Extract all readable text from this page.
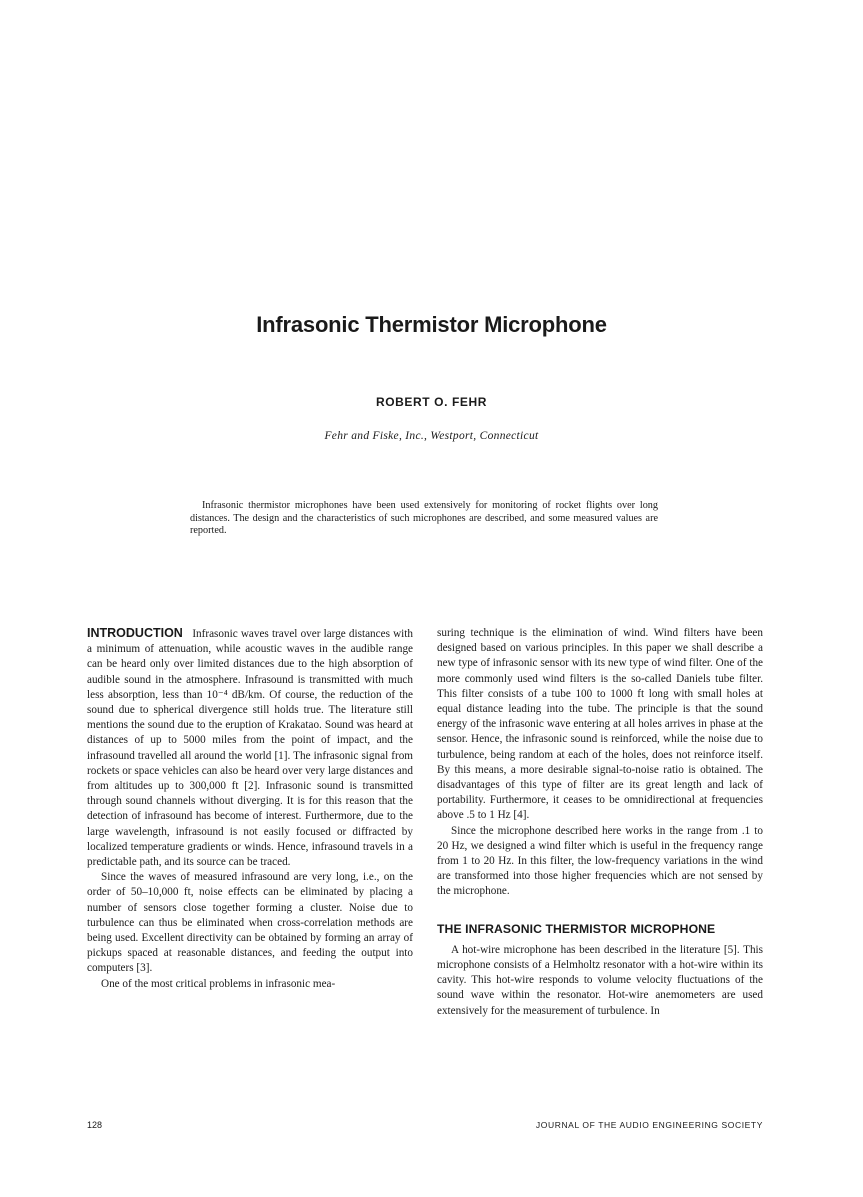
Infrasonic Thermistor Microphone
ROBERT O. FEHR
Fehr and Fiske, Inc., Westport, Connecticut
Infrasonic thermistor microphones have been used extensively for monitoring of rocket flights over long distances. The design and the characteristics of such microphones are described, and some measured values are reported.

INTRODUCTION Infrasonic waves travel over large distances with a minimum of attenuation, while acoustic waves in the audible range can be heard only over limited distances due to the high absorption of audible sound in the atmosphere. Infrasound is transmitted with much less absorption, less than 10⁻⁴ dB/km. Of course, the reduction of the sound due to spherical divergence still holds true. The literature still mentions the sound due to the eruption of Krakatao. Sound was heard at distances of up to 5000 miles from the point of impact, and the infrasound travelled all around the world [1]. The infrasonic signal from rockets or space vehicles can also be heard over very large distances and from altitudes up to 300,000 ft [2]. Infrasonic sound is transmitted through sound channels without diverging. It is for this reason that the detection of infrasound has become of interest. Furthermore, due to the large wavelength, infrasound is not easily focused or diffracted by localized temperature gradients or winds. Hence, infrasound travels in a predictable path, and its source can be traced.

Since the waves of measured infrasound are very long, i.e., on the order of 50–10,000 ft, noise effects can be eliminated by placing a number of sensors close together forming a cluster. Noise due to turbulence can thus be eliminated when cross-correlation methods are being used. Excellent directivity can be obtained by forming an array of pickups spaced at reasonable distances, and feeding the output into computers [3].

One of the most critical problems in infrasonic mea-

suring technique is the elimination of wind. Wind filters have been designed based on various principles. In this paper we shall describe a new type of infrasonic sensor with its new type of wind filter. One of the more commonly used wind filters is the so-called Daniels tube filter. This filter consists of a tube 100 to 1000 ft long with small holes at equal distance leading into the tube. The principle is that the sound energy of the infrasonic wave entering at all holes arrives in phase at the sensor. Hence, the infrasonic sound is reinforced, while the noise due to turbulence, being random at each of the holes, does not reinforce itself. By this means, a more desirable signal-to-noise ratio is obtained. The disadvantages of this type of filter are its great length and lack of portability. Furthermore, it ceases to be omnidirectional at frequencies above .5 to 1 Hz [4].

Since the microphone described here works in the range from .1 to 20 Hz, we designed a wind filter which is useful in the frequency range from 1 to 20 Hz. In this filter, the low-frequency variations in the wind are transformed into those higher frequencies which are not sensed by the microphone.

THE INFRASONIC THERMISTOR MICROPHONE

A hot-wire microphone has been described in the literature [5]. This microphone consists of a Helmholtz resonator with a hot-wire within its cavity. This hot-wire responds to volume velocity fluctuations of the sound wave within the resonator. Hot-wire anemometers are used extensively for the measurement of turbulence. In

128	JOURNAL OF THE AUDIO ENGINEERING SOCIETY
